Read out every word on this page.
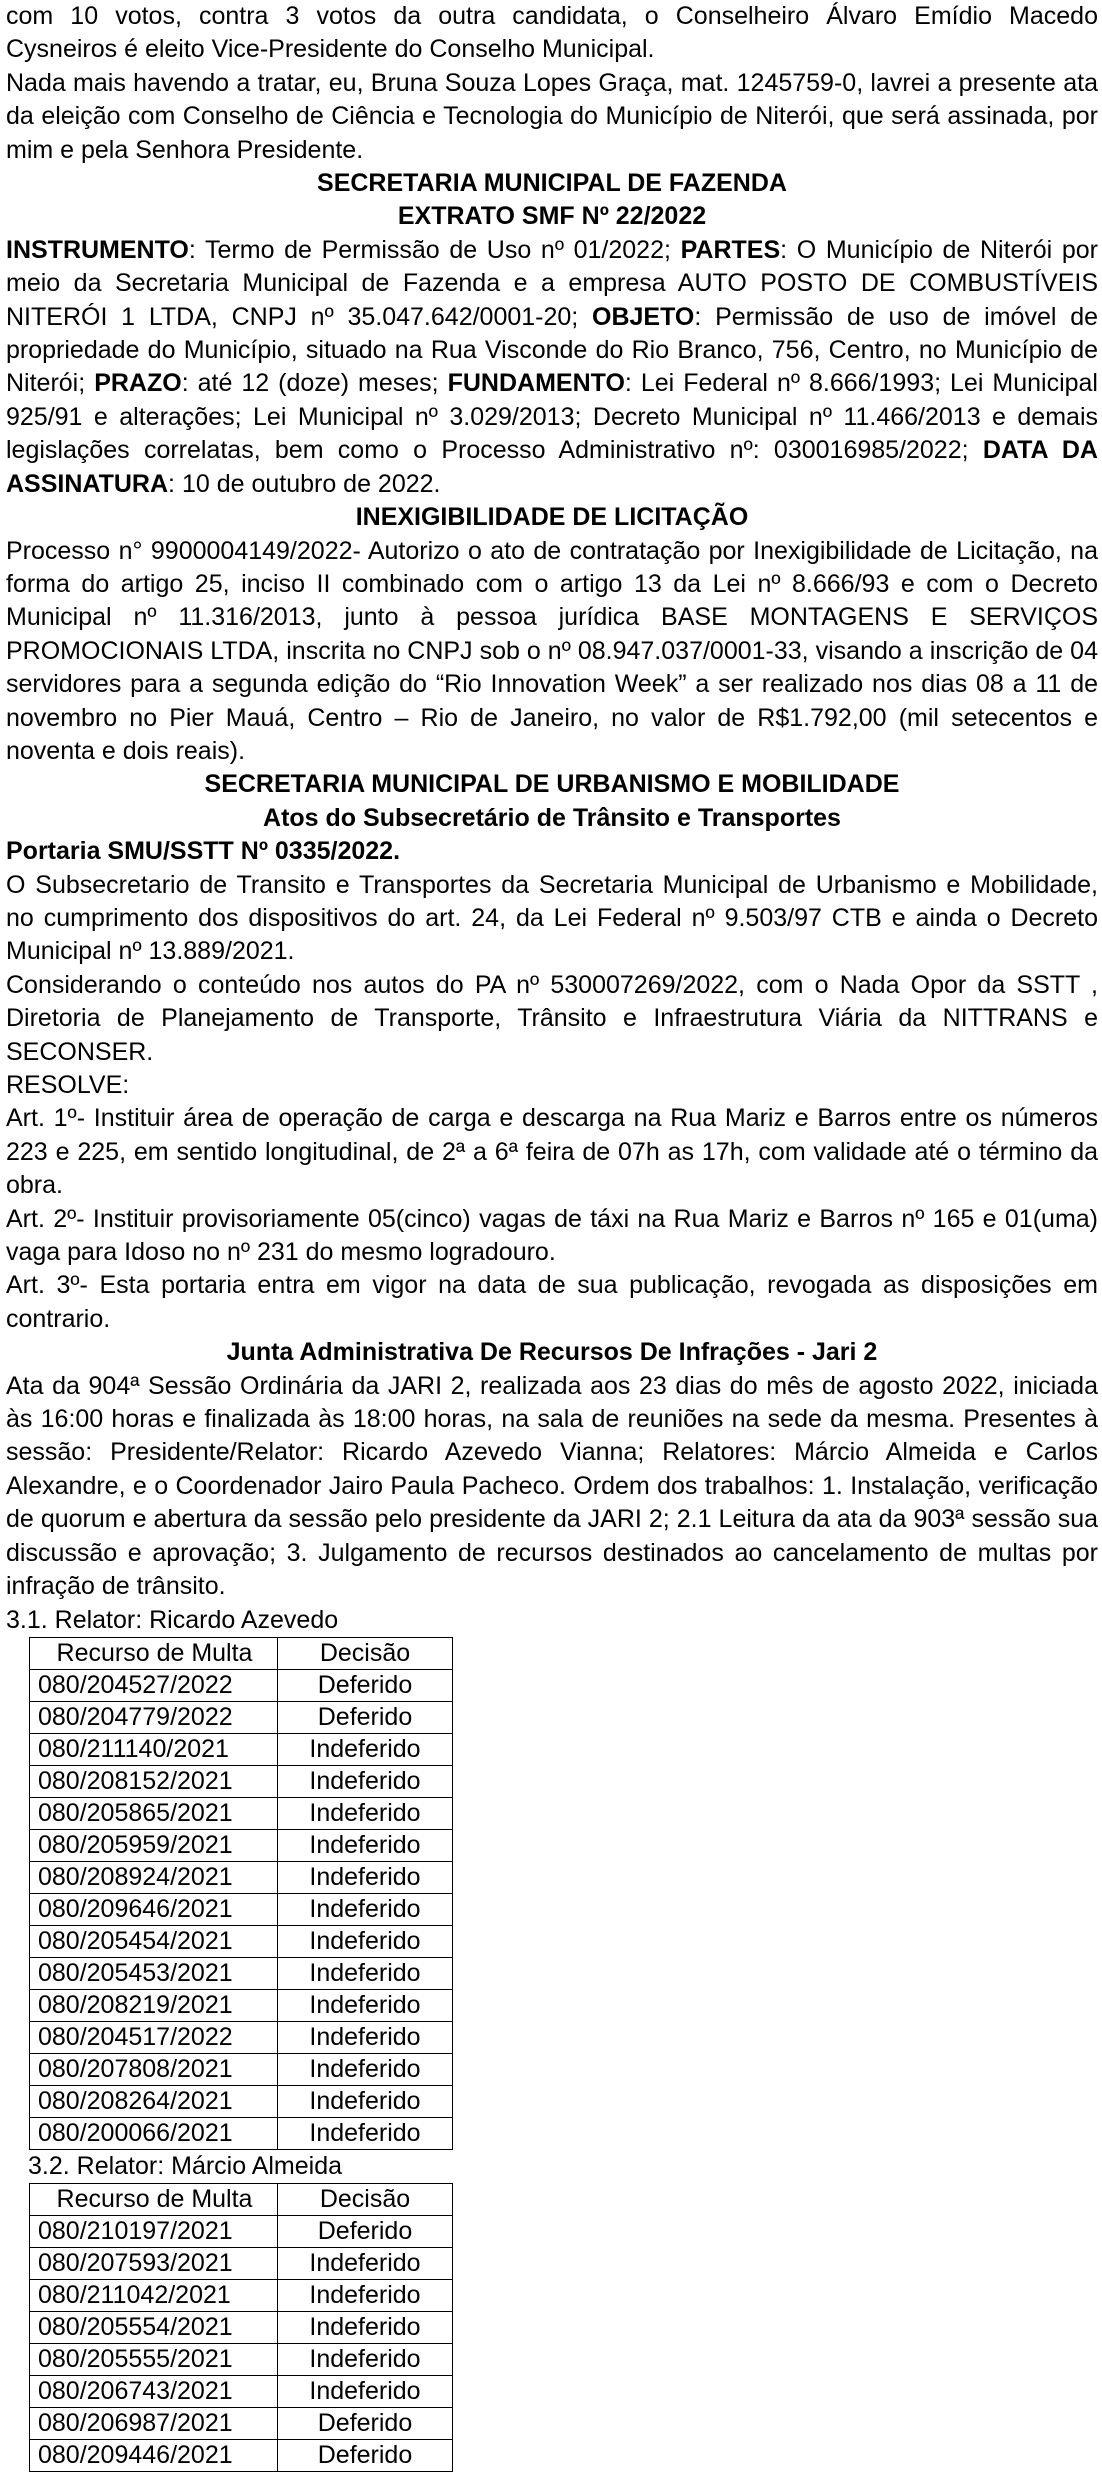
com 10 votos, contra 3 votos da outra candidata, o Conselheiro Álvaro Emídio Macedo

Cysneiros é eleito Vice-Presidente do Conselho Municipal.

Nada mais havendo a tratar, eu, Bruna Souza Lopes Graça, mat. 1245759-0, lavrei a presente ata da eleição com Conselho de Ciência e Tecnologia do Município de Niterói, que será assinada, por mim e pela Senhora Presidente.

SECRETARIA MUNICIPAL DE FAZENDA

EXTRATO SMF Nº 22/2022

INSTRUMENTO: Termo de Permissão de Uso nº 01/2022; PARTES: O Município de Niterói por meio da Secretaria Municipal de Fazenda e a empresa AUTO POSTO DE COMBUSTÍVEIS NITERÓI 1 LTDA, CNPJ nº 35.047.642/0001-20; OBJETO: Permissão de uso de imóvel de propriedade do Município, situado na Rua Visconde do Rio Branco, 756, Centro, no Município de Niterói; PRAZO: até 12 (doze) meses; FUNDAMENTO: Lei Federal nº 8.666/1993; Lei Municipal 925/91 e alterações; Lei Municipal nº 3.029/2013; Decreto Municipal nº 11.466/2013 e demais legislações correlatas, bem como o Processo Administrativo nº: 030016985/2022; DATA DA ASSINATURA: 10 de outubro de 2022.

INEXIGIBILIDADE DE LICITAÇÃO

Processo n° 9900004149/2022- Autorizo o ato de contratação por Inexigibilidade de Licitação, na forma do artigo 25, inciso II combinado com o artigo 13 da Lei nº 8.666/93 e com o Decreto Municipal nº 11.316/2013, junto à pessoa jurídica BASE MONTAGENS E SERVIÇOS PROMOCIONAIS LTDA, inscrita no CNPJ sob o nº 08.947.037/0001-33, visando a inscrição de 04 servidores para a segunda edição do “Rio Innovation Week” a ser realizado nos dias 08 a 11 de novembro no Pier Mauá, Centro – Rio de Janeiro, no valor de R$1.792,00 (mil setecentos e noventa e dois reais).

SECRETARIA MUNICIPAL DE URBANISMO E MOBILIDADE

Atos do Subsecretário de Trânsito e Transportes

Portaria SMU/SSTT Nº 0335/2022.

O Subsecretario de Transito e Transportes da Secretaria Municipal de Urbanismo e Mobilidade, no cumprimento dos dispositivos do art. 24, da Lei Federal nº 9.503/97 CTB e ainda o Decreto Municipal nº 13.889/2021.

Considerando o conteúdo nos autos do PA nº 530007269/2022, com o Nada Opor da SSTT , Diretoria de Planejamento de Transporte, Trânsito e Infraestrutura Viária da NITTRANS e SECONSER.

RESOLVE:

Art. 1º- Instituir área de operação de carga e descarga na Rua Mariz e Barros entre os números 223 e 225, em sentido longitudinal, de 2ª a 6ª feira de 07h as 17h, com validade até o término da obra.

Art. 2º- Instituir provisoriamente 05(cinco) vagas de táxi na Rua Mariz e Barros nº 165 e 01(uma) vaga para Idoso no nº 231 do mesmo logradouro.

Art. 3º- Esta portaria entra em vigor na data de sua publicação, revogada as disposições em contrario.

Junta Administrativa De Recursos De Infrações - Jari 2

Ata da 904ª Sessão Ordinária da JARI 2, realizada aos 23 dias do mês de agosto 2022, iniciada às 16:00 horas e finalizada às 18:00 horas, na sala de reuniões na sede da mesma. Presentes à sessão: Presidente/Relator: Ricardo Azevedo Vianna; Relatores: Márcio Almeida e Carlos Alexandre, e o Coordenador Jairo Paula Pacheco. Ordem dos trabalhos: 1. Instalação, verificação de quorum e abertura da sessão pelo presidente da JARI 2; 2.1 Leitura da ata da 903ª sessão sua discussão e aprovação; 3. Julgamento de recursos destinados ao cancelamento de multas por infração de trânsito.

3.1. Relator: Ricardo Azevedo

Recurso de Multa	Decisão
080/204527/2022	Deferido
080/204779/2022	Deferido
080/211140/2021	Indeferido
080/208152/2021	Indeferido
080/205865/2021	Indeferido
080/205959/2021	Indeferido
080/208924/2021	Indeferido
080/209646/2021	Indeferido
080/205454/2021	Indeferido
080/205453/2021	Indeferido
080/208219/2021	Indeferido
080/204517/2022	Indeferido
080/207808/2021	Indeferido
080/208264/2021	Indeferido
080/200066/2021	Indeferido

3.2. Relator: Márcio Almeida

Recurso de Multa	Decisão
080/210197/2021	Deferido
080/207593/2021	Indeferido
080/211042/2021	Indeferido
080/205554/2021	Indeferido
080/205555/2021	Indeferido
080/206743/2021	Indeferido
080/206987/2021	Deferido
080/209446/2021	Deferido
